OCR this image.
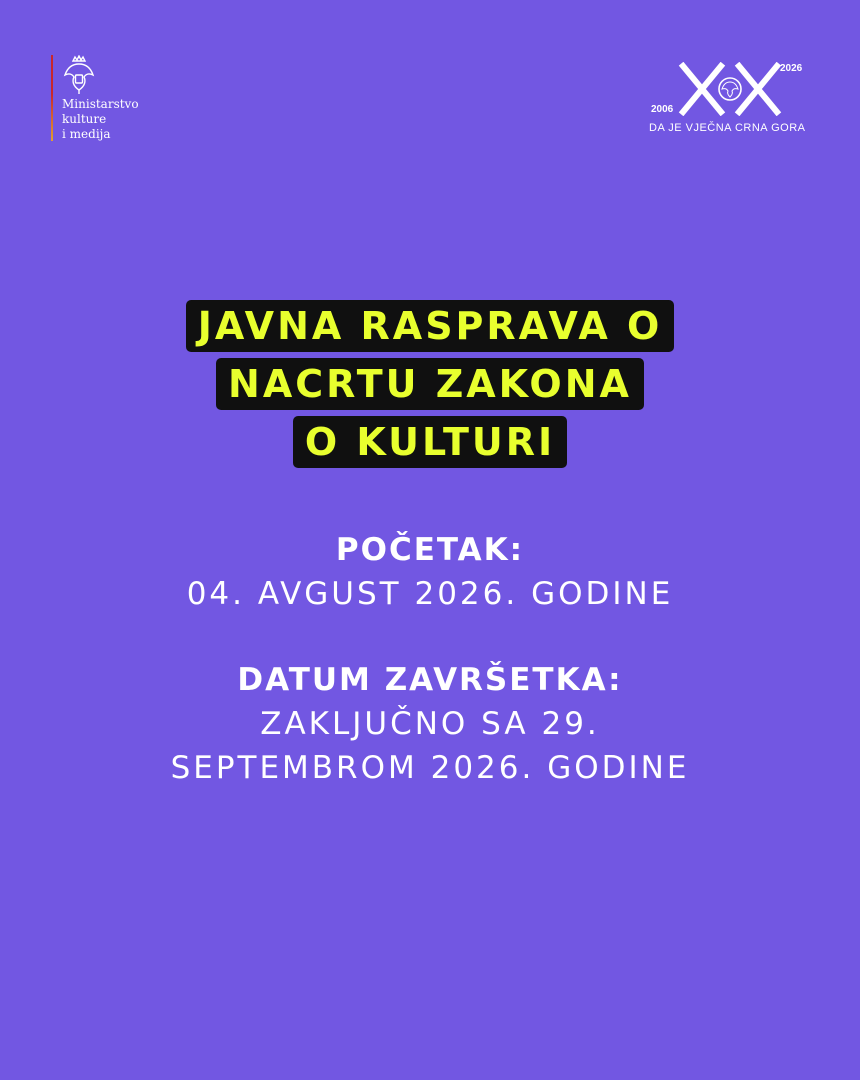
Ministarstvo
kulture
i medija
2006
2026
DA JE VJEČNA CRNA GORA
JAVNA RASPRAVA O
NACRTU ZAKONA
O KULTURI
POČETAK:
04. AVGUST 2026. GODINE
DATUM ZAVRŠETKA:
ZAKLJUČNO SA 29.
SEPTEMBROM 2026. GODINE
